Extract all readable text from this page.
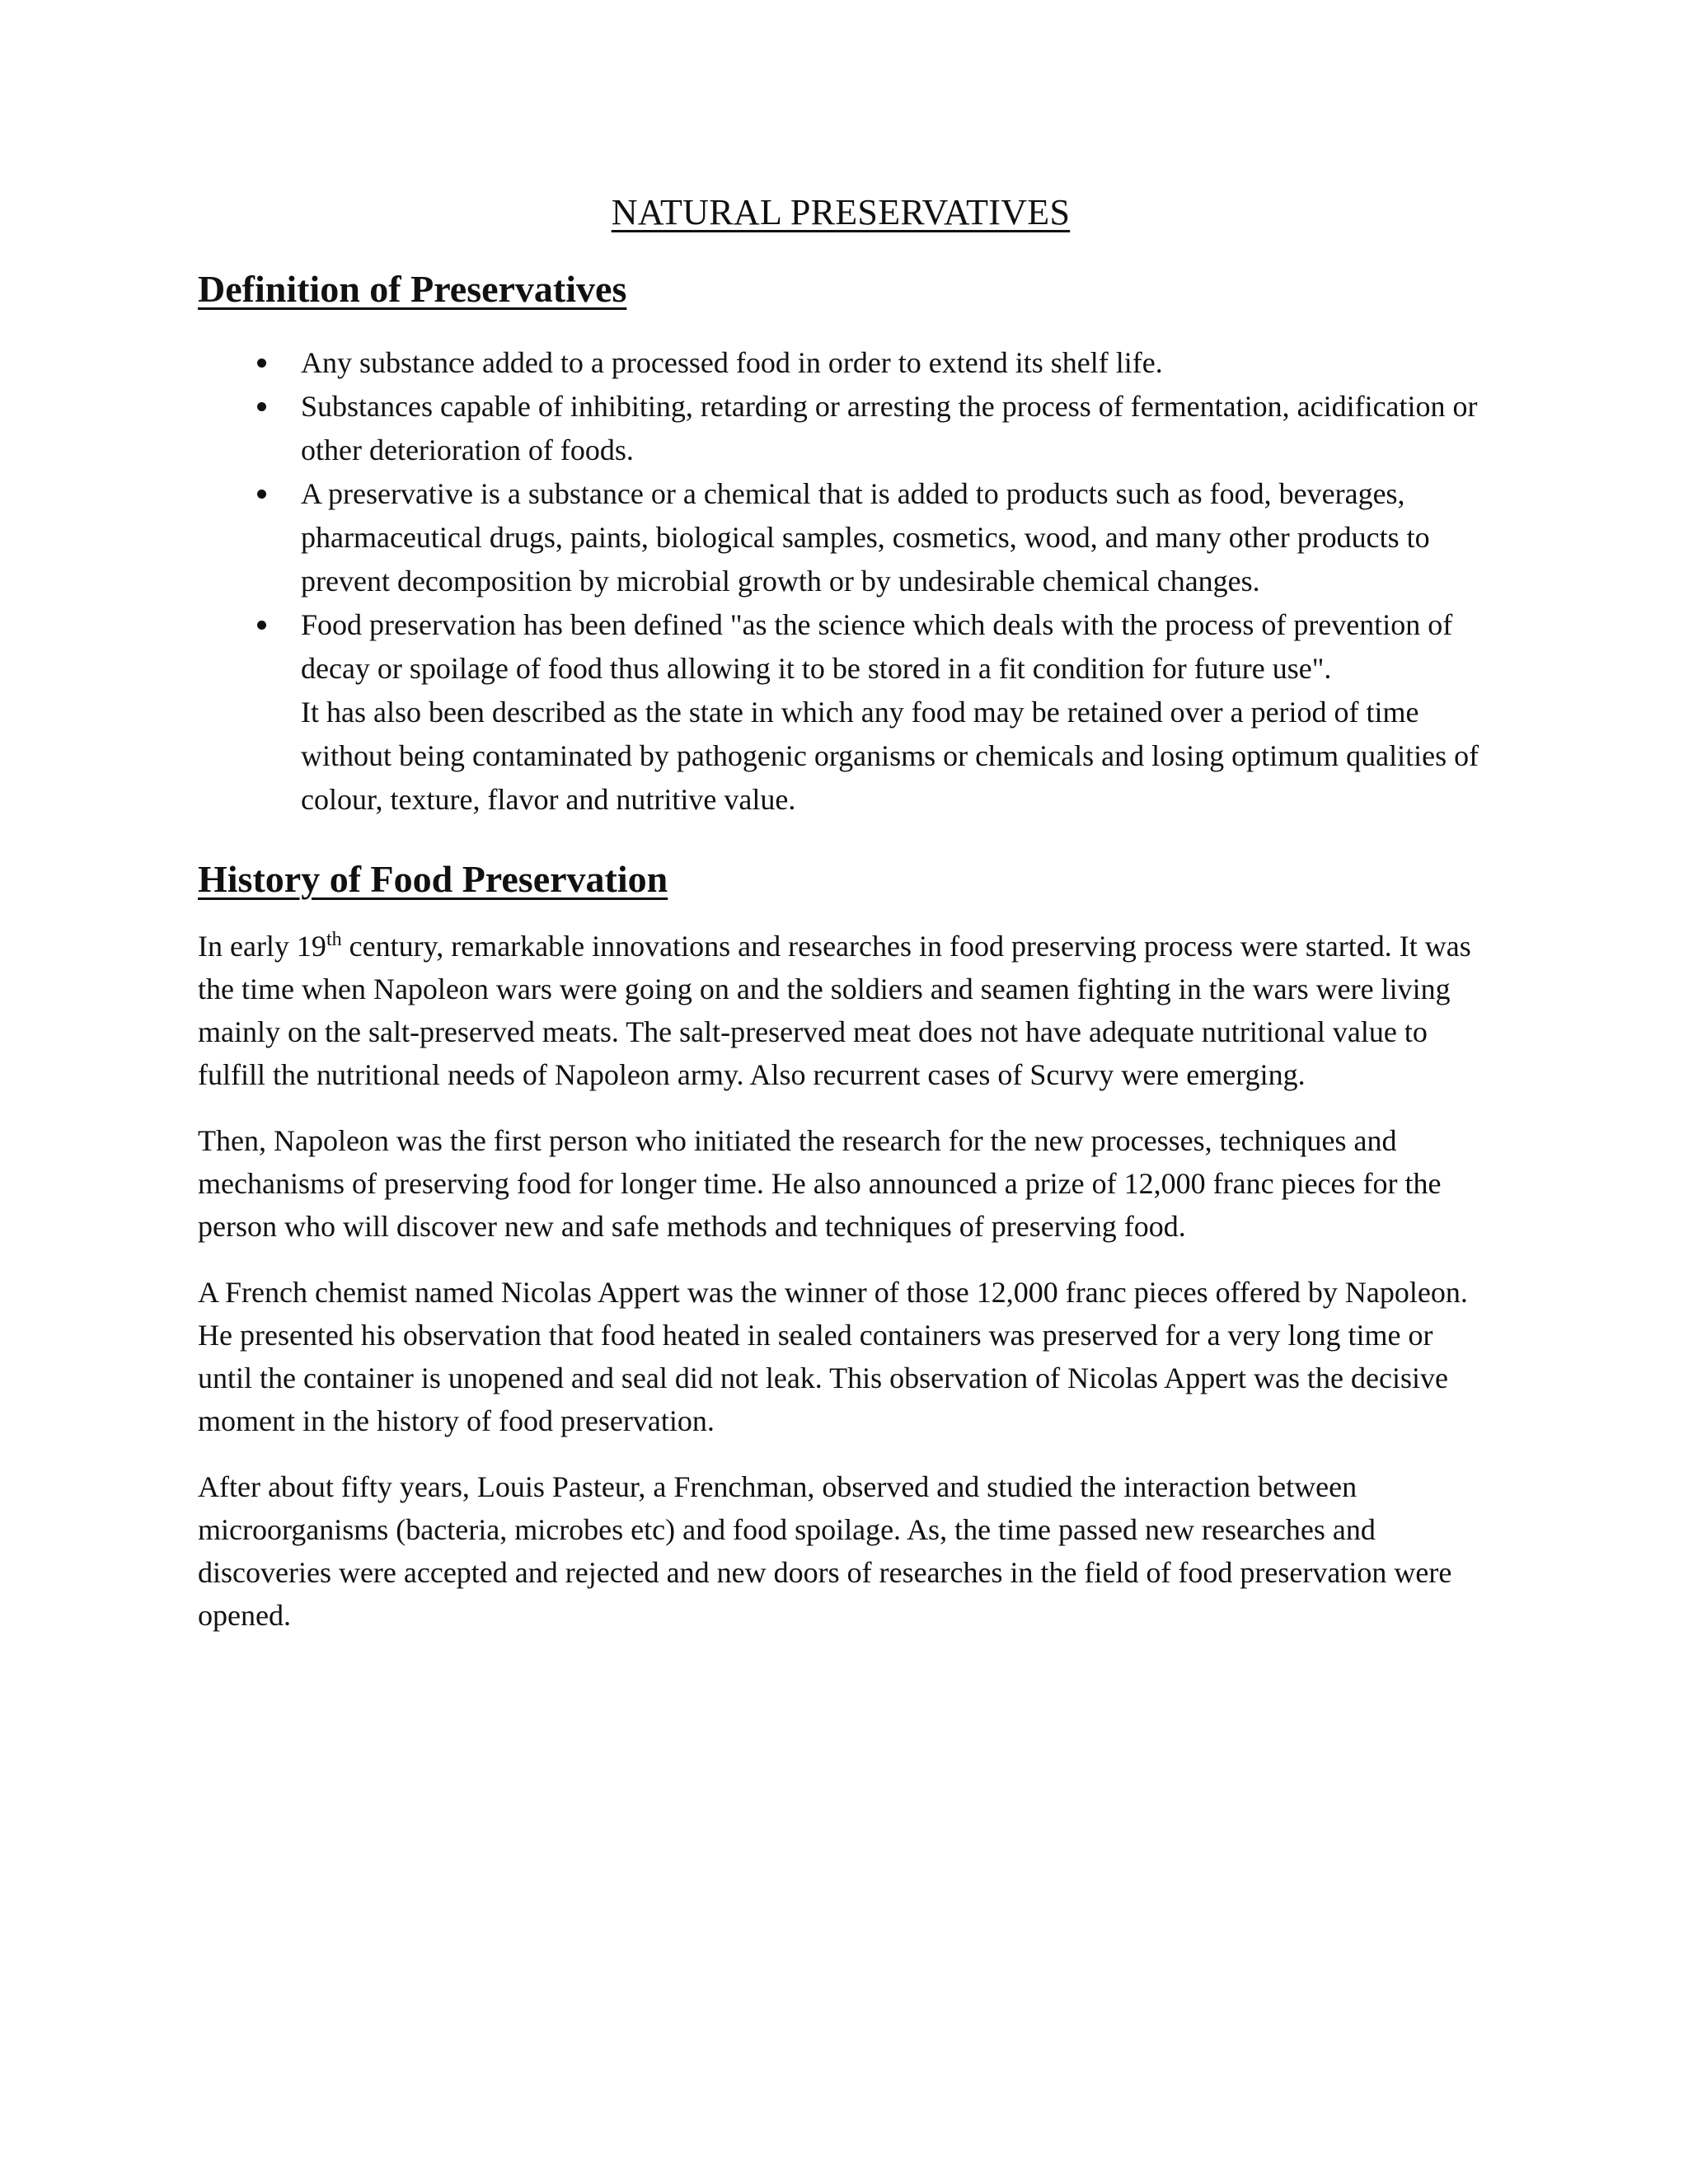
NATURAL PRESERVATIVES
Definition of Preservatives
Any substance added to a processed food in order to extend its shelf life.
Substances capable of inhibiting, retarding or arresting the process of fermentation, acidification or other deterioration of foods.
A preservative is a substance or a chemical that is added to products such as food, beverages, pharmaceutical drugs, paints, biological samples, cosmetics, wood, and many other products to prevent decomposition by microbial growth or by undesirable chemical changes.
Food preservation has been defined "as the science which deals with the process of prevention of decay or spoilage of food thus allowing it to be stored in a fit condition for future use".
It has also been described as the state in which any food may be retained over a period of time without being contaminated by pathogenic organisms or chemicals and losing optimum qualities of colour, texture, flavor and nutritive value.
History of Food Preservation

In early 19th century, remarkable innovations and researches in food preserving process were started. It was the time when Napoleon wars were going on and the soldiers and seamen fighting in the wars were living mainly on the salt-preserved meats. The salt-preserved meat does not have adequate nutritional value to fulfill the nutritional needs of Napoleon army. Also recurrent cases of Scurvy were emerging.

Then, Napoleon was the first person who initiated the research for the new processes, techniques and mechanisms of preserving food for longer time. He also announced a prize of 12,000 franc pieces for the person who will discover new and safe methods and techniques of preserving food.

A French chemist named Nicolas Appert was the winner of those 12,000 franc pieces offered by Napoleon. He presented his observation that food heated in sealed containers was preserved for a very long time or until the container is unopened and seal did not leak. This observation of Nicolas Appert was the decisive moment in the history of food preservation.

After about fifty years, Louis Pasteur, a Frenchman, observed and studied the interaction between microorganisms (bacteria, microbes etc) and food spoilage. As, the time passed new researches and discoveries were accepted and rejected and new doors of researches in the field of food preservation were opened.
